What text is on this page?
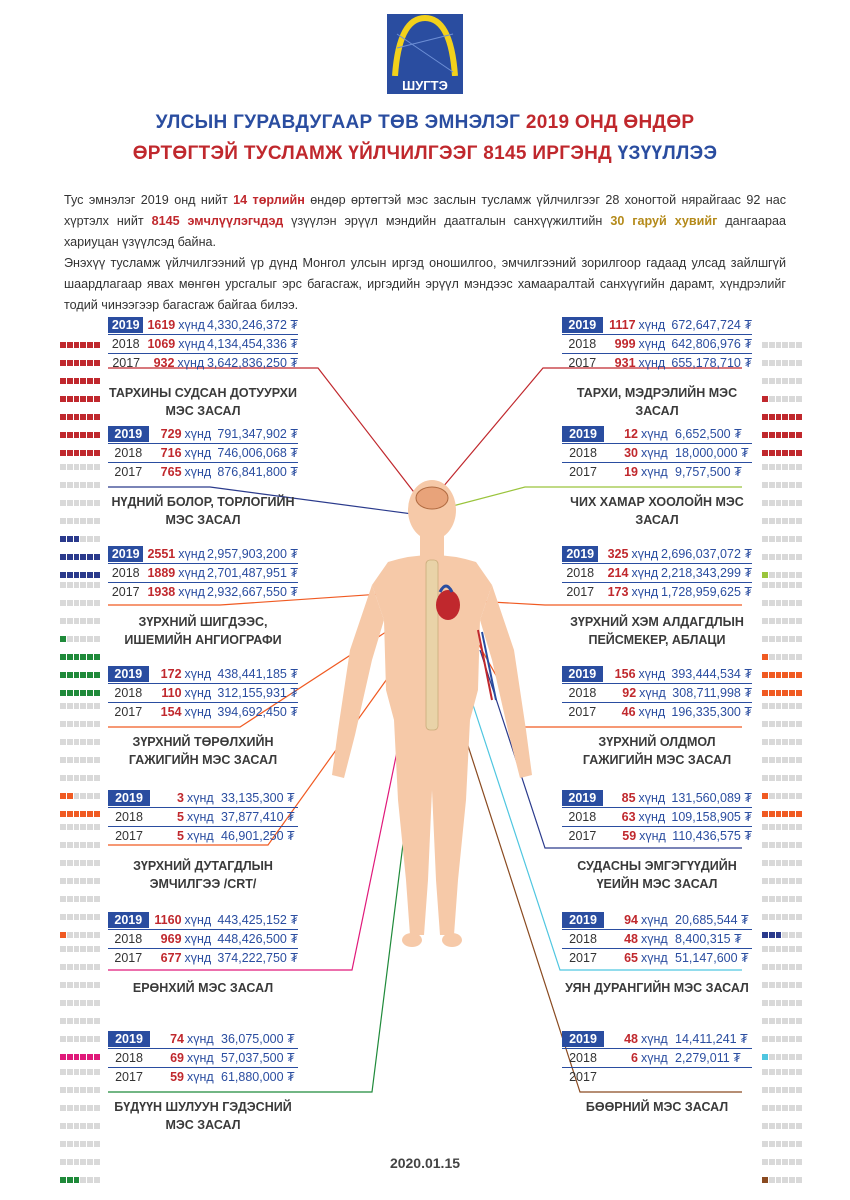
ШУГТЭ
УЛСЫН ГУРАВДУГААР ТӨВ ЭМНЭЛЭГ 2019 ОНД ӨНДӨР
ӨРТӨГТЭЙ ТУСЛАМЖ ҮЙЛЧИЛГЭЭГ 8145 ИРГЭНД ҮЗҮҮЛЛЭЭ
Тус эмнэлэг 2019 онд нийт 14 төрлийн өндөр өртөгтэй мэс заслын тусламж үйлчилгээг 28 хоногтой нярайгаас 92 нас хүртэлх нийт 8145 эмчлүүлэгчдэд үзүүлэн эрүүл мэндийн даатгалын санхүүжилтийн 30 гаруй хувийг дангаараа хариуцан үзүүлсэд байна.
Энэхүү тусламж үйлчилгээний үр дүнд Монгол улсын иргэд оношилгоо, эмчилгээний зорилгоор гадаад улсад зайлшгүй шаардлагаар явах мөнгөн урсгалыг эрс багасгаж, иргэдийн эрүүл мэндээс хамааралтай санхүүгийн дарамт, хүндрэлийг тодий чинээгээр багасгаж байгаа билээ.
2019 1619 хүнд 4,330,246,372 ₮
2018 1069 хүнд 4,134,454,336 ₮
2017	932 хүнд 3,642,836,250 ₮
ТАРХИНЫ СУДСАН ДОТУУРХИ МЭС ЗАСАЛ
2019	729 хүнд 791,347,902 ₮
2018	716 хүнд 746,006,068 ₮
2017	765 хүнд 876,841,800 ₮
НҮДНИЙ БОЛОР, ТОРЛОГИЙН МЭС ЗАСАЛ
2019 2551 хүнд 2,957,903,200 ₮
2018 1889 хүнд 2,701,487,951 ₮
2017 1938 хүнд 2,932,667,550 ₮
ЗҮРХНИЙ ШИГДЭЭС, ИШЕМИЙН АНГИОГРАФИ
2019	172 хүнд 438,441,185 ₮
2018	110 хүнд 312,155,931 ₮
2017	154 хүнд 394,692,450 ₮
ЗҮРХНИЙ ТӨРӨЛХИЙН ГАЖИГИЙН МЭС ЗАСАЛ
2019	3 хүнд 33,135,300 ₮
2018	5 хүнд 37,877,410 ₮
2017	5 хүнд 46,901,250 ₮
ЗҮРХНИЙ ДУТАГДЛЫН ЭМЧИЛГЭЭ /CRT/
2019 1160 хүнд 443,425,152 ₮
2018	969 хүнд 448,426,500 ₮
2017	677 хүнд 374,222,750 ₮
ЕРӨНХИЙ МЭС ЗАСАЛ
2019	74 хүнд 36,075,000 ₮
2018	69 хүнд 57,037,500 ₮
2017	59 хүнд 61,880,000 ₮
БҮДҮҮН ШУЛУУН ГЭДЭСНИЙ МЭС ЗАСАЛ
2019	1117 хүнд 672,647,724 ₮
2018	999 хүнд 642,806,976 ₮
2017	931 хүнд 655,178,710 ₮
ТАРХИ, МЭДРЭЛИЙН МЭС ЗАСАЛ
2019	12 хүнд 6,652,500 ₮
2018	30 хүнд 18,000,000 ₮
2017	19 хүнд 9,757,500 ₮
ЧИХ ХАМАР ХООЛОЙН МЭС ЗАСАЛ
2019	325 хүнд 2,696,037,072 ₮
2018	214 хүнд 2,218,343,299 ₮
2017	173 хүнд 1,728,959,625 ₮
ЗҮРХНИЙ ХЭМ АЛДАГДЛЫН ПЕЙСМЕКЕР, АБЛАЦИ
2019	156 хүнд 393,444,534 ₮
2018	92 хүнд 308,711,998 ₮
2017	46 хүнд 196,335,300 ₮
ЗҮРХНИЙ ОЛДМОЛ ГАЖИГИЙН МЭС ЗАСАЛ
2019	85 хүнд 131,560,089 ₮
2018	63 хүнд 109,158,905 ₮
2017	59 хүнд 110,436,575 ₮
СУДАСНЫ ЭМГЭГҮҮДИЙН ҮЕИЙН МЭС ЗАСАЛ
2019	94 хүнд 20,685,544 ₮
2018	48 хүнд 8,400,315 ₮
2017	65 хүнд 51,147,600 ₮
УЯН ДУРАНГИЙН МЭС ЗАСАЛ
2019	48 хүнд 14,411,241 ₮
2018	6 хүнд 2,279,011 ₮
2017
БӨӨРНИЙ МЭС ЗАСАЛ
2020.01.15
